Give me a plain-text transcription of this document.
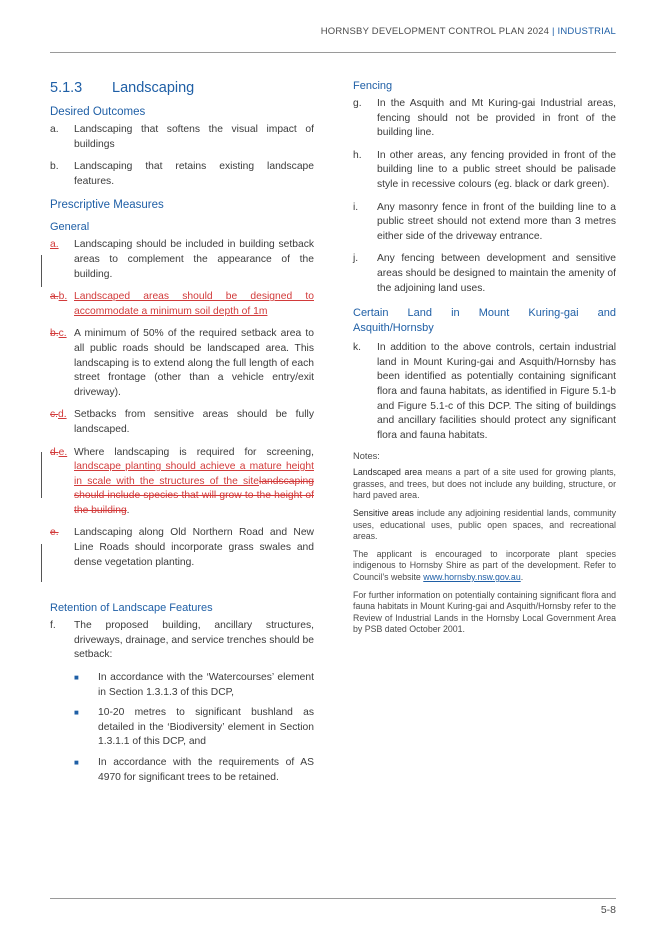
HORNSBY DEVELOPMENT CONTROL PLAN 2024 | INDUSTRIAL
5.1.3 Landscaping
Desired Outcomes
a.	Landscaping that softens the visual impact of buildings
b.	Landscaping that retains existing landscape features.
Prescriptive Measures
General
a.	Landscaping should be included in building setback areas to complement the appearance of the building.
a.b. Landscaped areas should be designed to accommodate a minimum soil depth of 1m
b.c. A minimum of 50% of the required setback area to all public roads should be landscaped area. This landscaping is to extend along the full length of each street frontage (other than a vehicle entry/exit driveway).
c.d. Setbacks from sensitive areas should be fully landscaped.
d.e. Where landscaping is required for screening, landscape planting should achieve a mature height in scale with the structures of the sitelandscaping should include species that will grow to the height of the building.
e.	Landscaping along Old Northern Road and New Line Roads should incorporate grass swales and dense vegetation planting.
Retention of Landscape Features
f.	The proposed building, ancillary structures, driveways, drainage, and service trenches should be setback:
■	In accordance with the ‘Watercourses’ element in Section 1.3.1.3 of this DCP,
■	10-20 metres to significant bushland as detailed in the ‘Biodiversity’ element in Section 1.3.1.1 of this DCP, and
■	In accordance with the requirements of AS 4970 for significant trees to be retained.
Fencing
g.	In the Asquith and Mt Kuring-gai Industrial areas, fencing should not be provided in front of the building line.
h.	In other areas, any fencing provided in front of the building line to a public street should be palisade style in recessive colours (eg. black or dark green).
i.	Any masonry fence in front of the building line to a public street should not extend more than 3 metres either side of the driveway entrance.
j.	Any fencing between development and sensitive areas should be designed to maintain the amenity of the adjoining land uses.
Certain Land in Mount Kuring-gai and Asquith/Hornsby
k.	In addition to the above controls, certain industrial land in Mount Kuring-gai and Asquith/Hornsby has been identified as potentially containing significant flora and fauna habitats, as identified in Figure 5.1-b and Figure 5.1-c of this DCP. The siting of buildings and ancillary facilities should protect any significant flora and fauna habitats.
Notes:

Landscaped area means a part of a site used for growing plants, grasses, and trees, but does not include any building, structure, or hard paved area.

Sensitive areas include any adjoining residential lands, community uses, educational uses, public open spaces, and recreational areas.

The applicant is encouraged to incorporate plant species indigenous to Hornsby Shire as part of the development. Refer to Council’s website www.hornsby.nsw.gov.au.

For further information on potentially containing significant flora and fauna habitats in Mount Kuring-gai and Asquith/Hornsby refer to the Review of Industrial Lands in the Hornsby Local Government Area by PSB dated October 2001.

5-8
